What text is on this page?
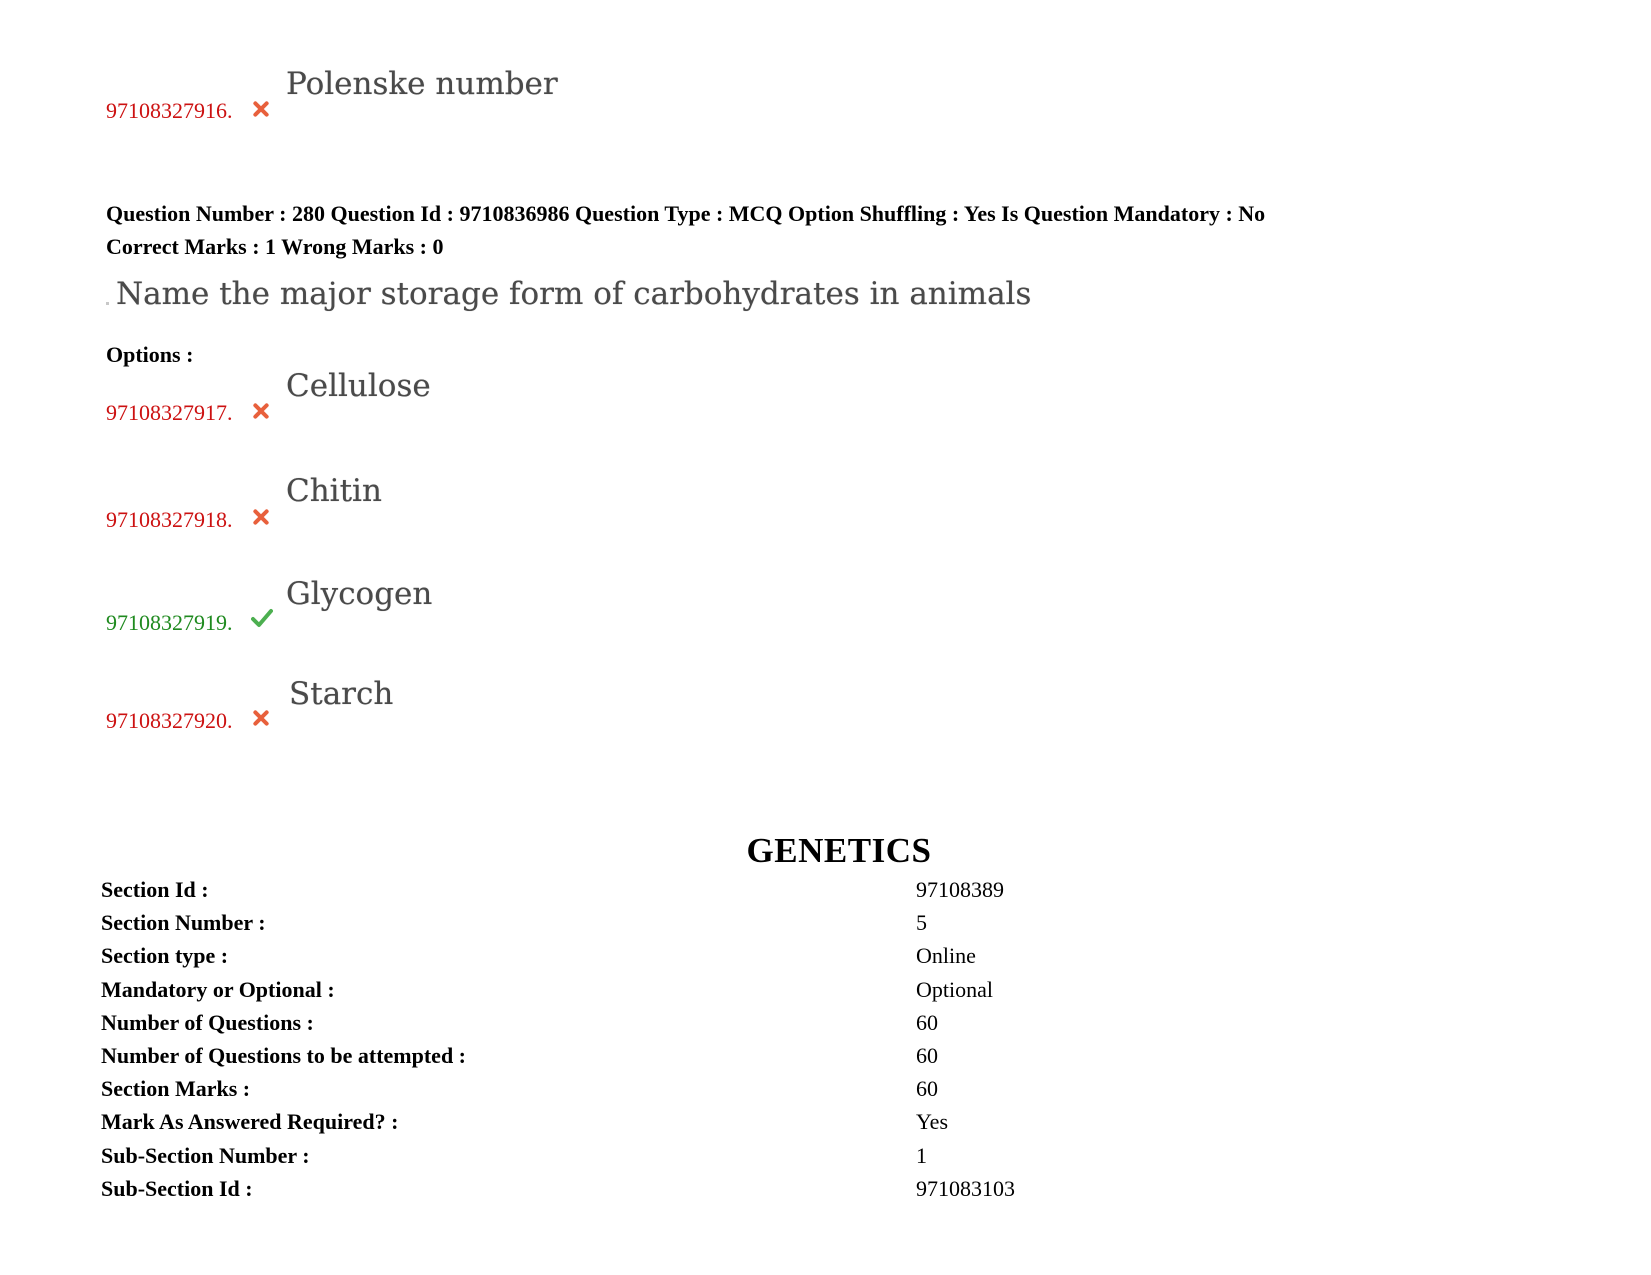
97108327916.
Polenske number
Question Number : 280 Question Id : 9710836986 Question Type : MCQ Option Shuffling : Yes Is Question Mandatory : No
Correct Marks : 1 Wrong Marks : 0
Name the major storage form of carbohydrates in animals
Options :
97108327917.
Cellulose
97108327918.
Chitin
97108327919.
Glycogen
97108327920.
Starch
GENETICS
Section Id :	97108389
Section Number :	5
Section type :	Online
Mandatory or Optional :	Optional
Number of Questions :	60
Number of Questions to be attempted :	60
Section Marks :	60
Mark As Answered Required? :	Yes
Sub-Section Number :	1
Sub-Section Id :	971083103
